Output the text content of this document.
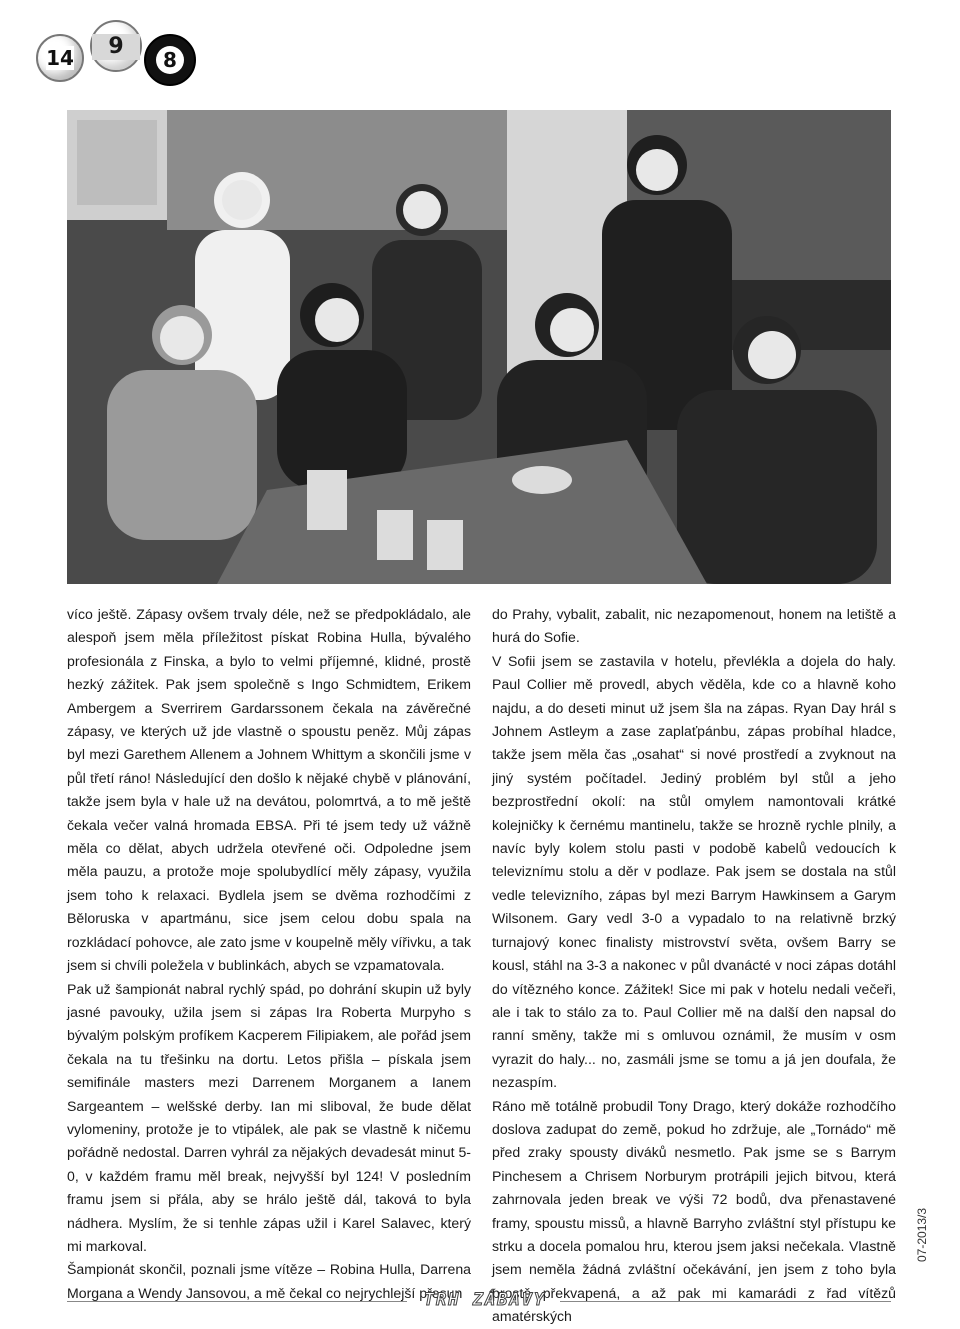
14 9
8

víco ještě. Zápasy ovšem trvaly déle, než se předpokládalo, ale alespoň jsem měla příležitost pískat Robina Hulla, bývalého profesionála z Finska, a bylo to velmi příjemné, klidné, prostě hezký zážitek. Pak jsem společně s Ingo Schmidtem, Erikem Ambergem a Sverrirem Gardarssonem čekala na závěrečné zápasy, ve kterých už jde vlastně o spoustu peněz. Můj zápas byl mezi Garethem Allenem a Johnem Whittym a skončili jsme v půl třetí ráno! Následující den došlo k nějaké chybě v plánování, takže jsem byla v hale už na devátou, polomrtvá, a to mě ještě čekala večer valná hromada EBSA. Při té jsem tedy už vážně měla co dělat, abych udržela otevřené oči. Odpoledne jsem měla pauzu, a protože moje spolubydlící měly zápasy, využila jsem toho k relaxaci. Bydlela jsem se dvěma rozhodčími z Běloruska v apartmánu, sice jsem celou dobu spala na rozkládací pohovce, ale zato jsme v koupelně měly vířivku, a tak jsem si chvíli poležela v bublinkách, abych se vzpamatovala.

Pak už šampionát nabral rychlý spád, po dohrání skupin už byly jasné pavouky, užila jsem si zápas Ira Roberta Murpyho s bývalým polským profíkem Kacperem Filipiakem, ale pořád jsem čekala na tu třešinku na dortu. Letos přišla – pískala jsem semifinále masters mezi Darrenem Morganem a Ianem Sargeantem – welšské derby. Ian mi sliboval, že bude dělat vylomeniny, protože je to vtipálek, ale pak se vlastně k ničemu pořádně nedostal. Darren vyhrál za nějakých devadesát minut 5-0, v každém framu měl break, nejvyšší byl 124! V posledním framu jsem si přála, aby se hrálo ještě dál, taková to byla nádhera. Myslím, že si tenhle zápas užil i Karel Salavec, který mi markoval.

Šampionát skončil, poznali jsme vítěze – Robina Hulla, Darrena Morgana a Wendy Jansovou, a mě čekal co nejrychlejší přesun

do Prahy, vybalit, zabalit, nic nezapomenout, honem na letiště a hurá do Sofie.

V Sofii jsem se zastavila v hotelu, převlékla a dojela do haly. Paul Collier mě provedl, abych věděla, kde co a hlavně koho najdu, a do deseti minut už jsem šla na zápas. Ryan Day hrál s Johnem Astleym a zase zaplaťpánbu, zápas probíhal hladce, takže jsem měla čas „osahat“ si nové prostředí a zvyknout na jiný systém počítadel. Jediný problém byl stůl a jeho bezprostřední okolí: na stůl omylem namontovali krátké kolejničky k černému mantinelu, takže se hrozně rychle plnily, a navíc byly kolem stolu pasti v podobě kabelů vedoucích k televiznímu stolu a děr v podlaze. Pak jsem se dostala na stůl vedle televizního, zápas byl mezi Barrym Hawkinsem a Garym Wilsonem. Gary vedl 3-0 a vypadalo to na relativně brzký turnajový konec finalisty mistrovství světa, ovšem Barry se kousl, stáhl na 3-3 a nakonec v půl dvanácté v noci zápas dotáhl do vítězného konce. Zážitek! Sice mi pak v hotelu nedali večeři, ale i tak to stálo za to. Paul Collier mě na další den napsal do ranní směny, takže mi s omluvou oznámil, že musím v osm vyrazit do haly... no, zasmáli jsme se tomu a já jen doufala, že nezaspím.

Ráno mě totálně probudil Tony Drago, který dokáže rozhodčího doslova zadupat do země, pokud ho zdržuje, ale „Tornádo“ mě před zraky spousty diváků nesmetlo. Pak jsme se s Barrym Pinchesem a Chrisem Norburym protrápili jejich bitvou, která zahrnovala jeden break ve výši 72 bodů, dva přenastavené framy, spoustu missů, a hlavně Barryho zvláštní styl přístupu ke strku a docela pomalou hru, kterou jsem jaksi nečekala. Vlastně jsem neměla žádná zvláštní očekávání, jen jsem z toho byla prostě překvapená, a až pak mi kamarádi z řad vítězů amatérských

07-2013/3
TRH ZÁBAVY
